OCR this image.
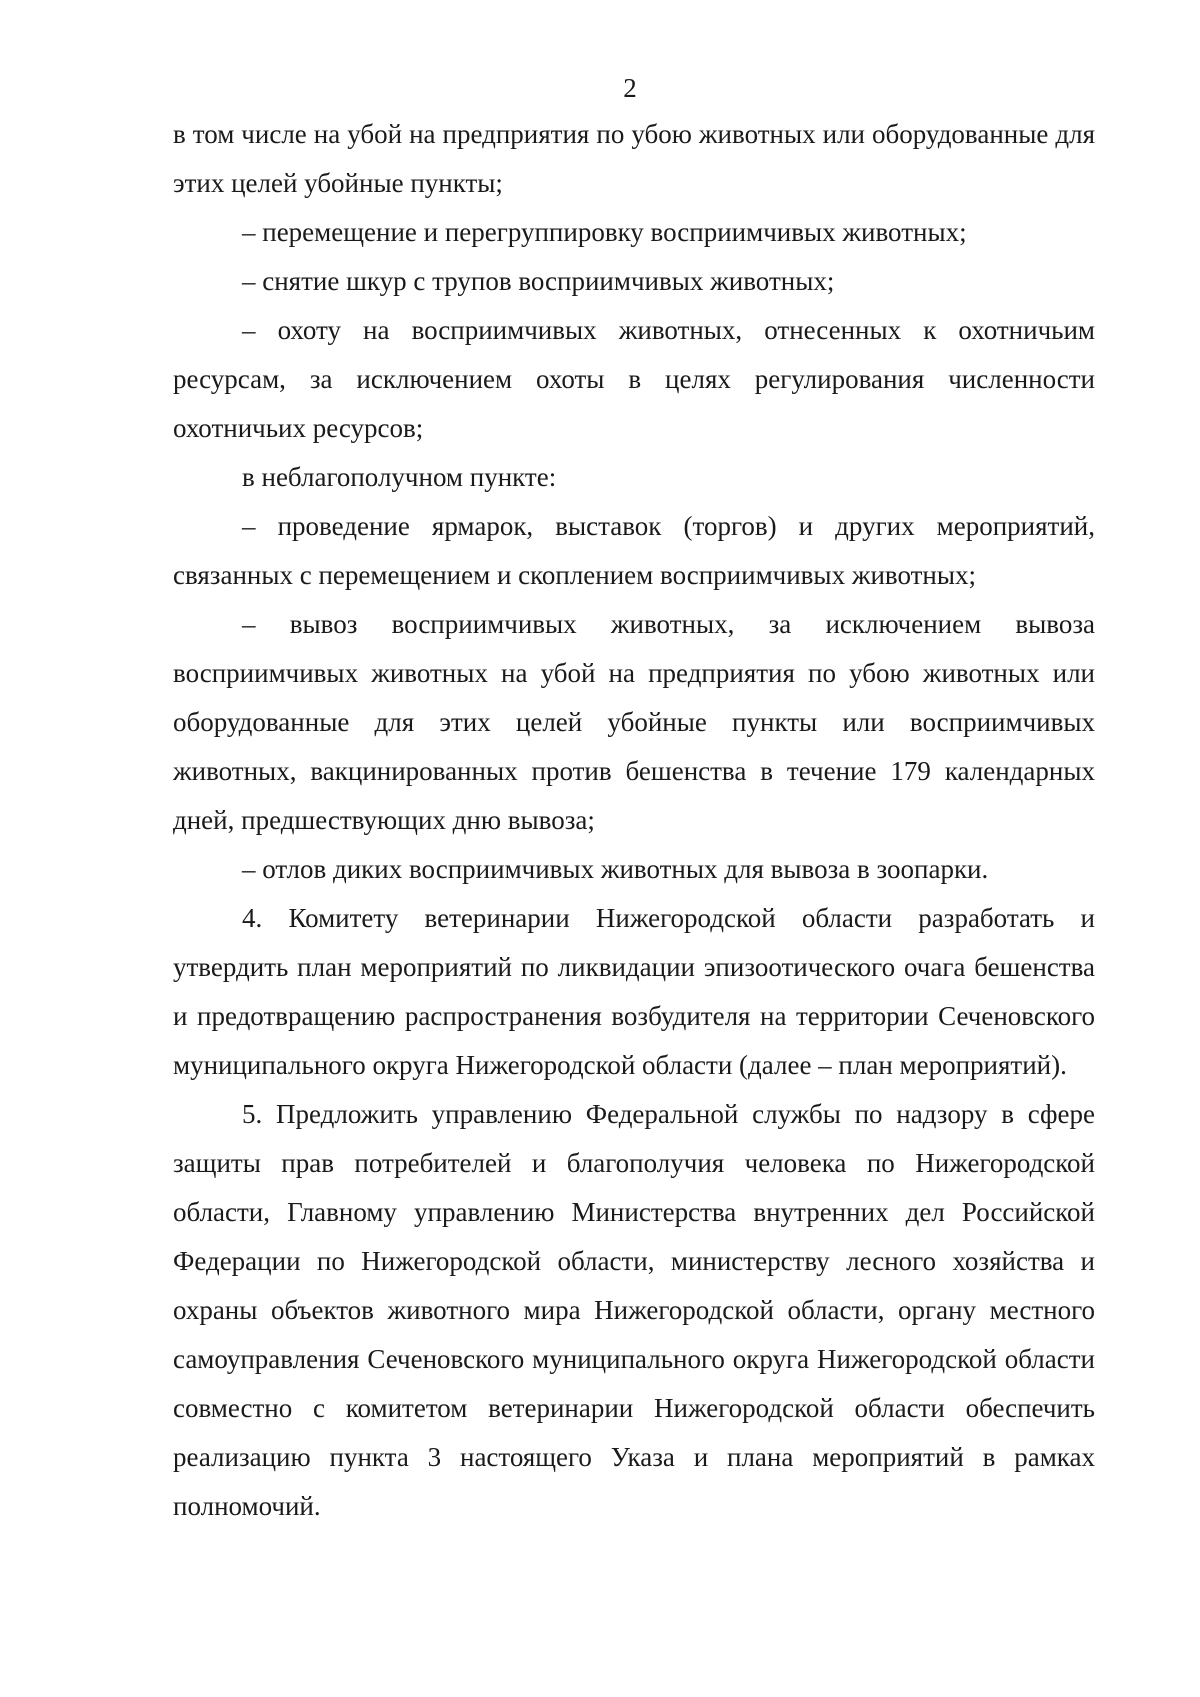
2

в том числе на убой на предприятия по убою животных или оборудованные для этих целей убойные пункты;

– перемещение и перегруппировку восприимчивых животных;

– снятие шкур с трупов восприимчивых животных;

– охоту на восприимчивых животных, отнесенных к охотничьим ресурсам, за исключением охоты в целях регулирования численности охотничьих ресурсов;

в неблагополучном пункте:

– проведение ярмарок, выставок (торгов) и других мероприятий, связанных с перемещением и скоплением восприимчивых животных;

– вывоз восприимчивых животных, за исключением вывоза восприимчивых животных на убой на предприятия по убою животных или оборудованные для этих целей убойные пункты или восприимчивых животных, вакцинированных против бешенства в течение 179 календарных дней, предшествующих дню вывоза;

– отлов диких восприимчивых животных для вывоза в зоопарки.

4. Комитету ветеринарии Нижегородской области разработать и утвердить план мероприятий по ликвидации эпизоотического очага бешенства и предотвращению распространения возбудителя на территории Сеченовского муниципального округа Нижегородской области (далее – план мероприятий).

5. Предложить управлению Федеральной службы по надзору в сфере защиты прав потребителей и благополучия человека по Нижегородской области, Главному управлению Министерства внутренних дел Российской Федерации по Нижегородской области, министерству лесного хозяйства и охраны объектов животного мира Нижегородской области, органу местного самоуправления Сеченовского муниципального округа Нижегородской области совместно с комитетом ветеринарии Нижегородской области обеспечить реализацию пункта 3 настоящего Указа и плана мероприятий в рамках полномочий.
